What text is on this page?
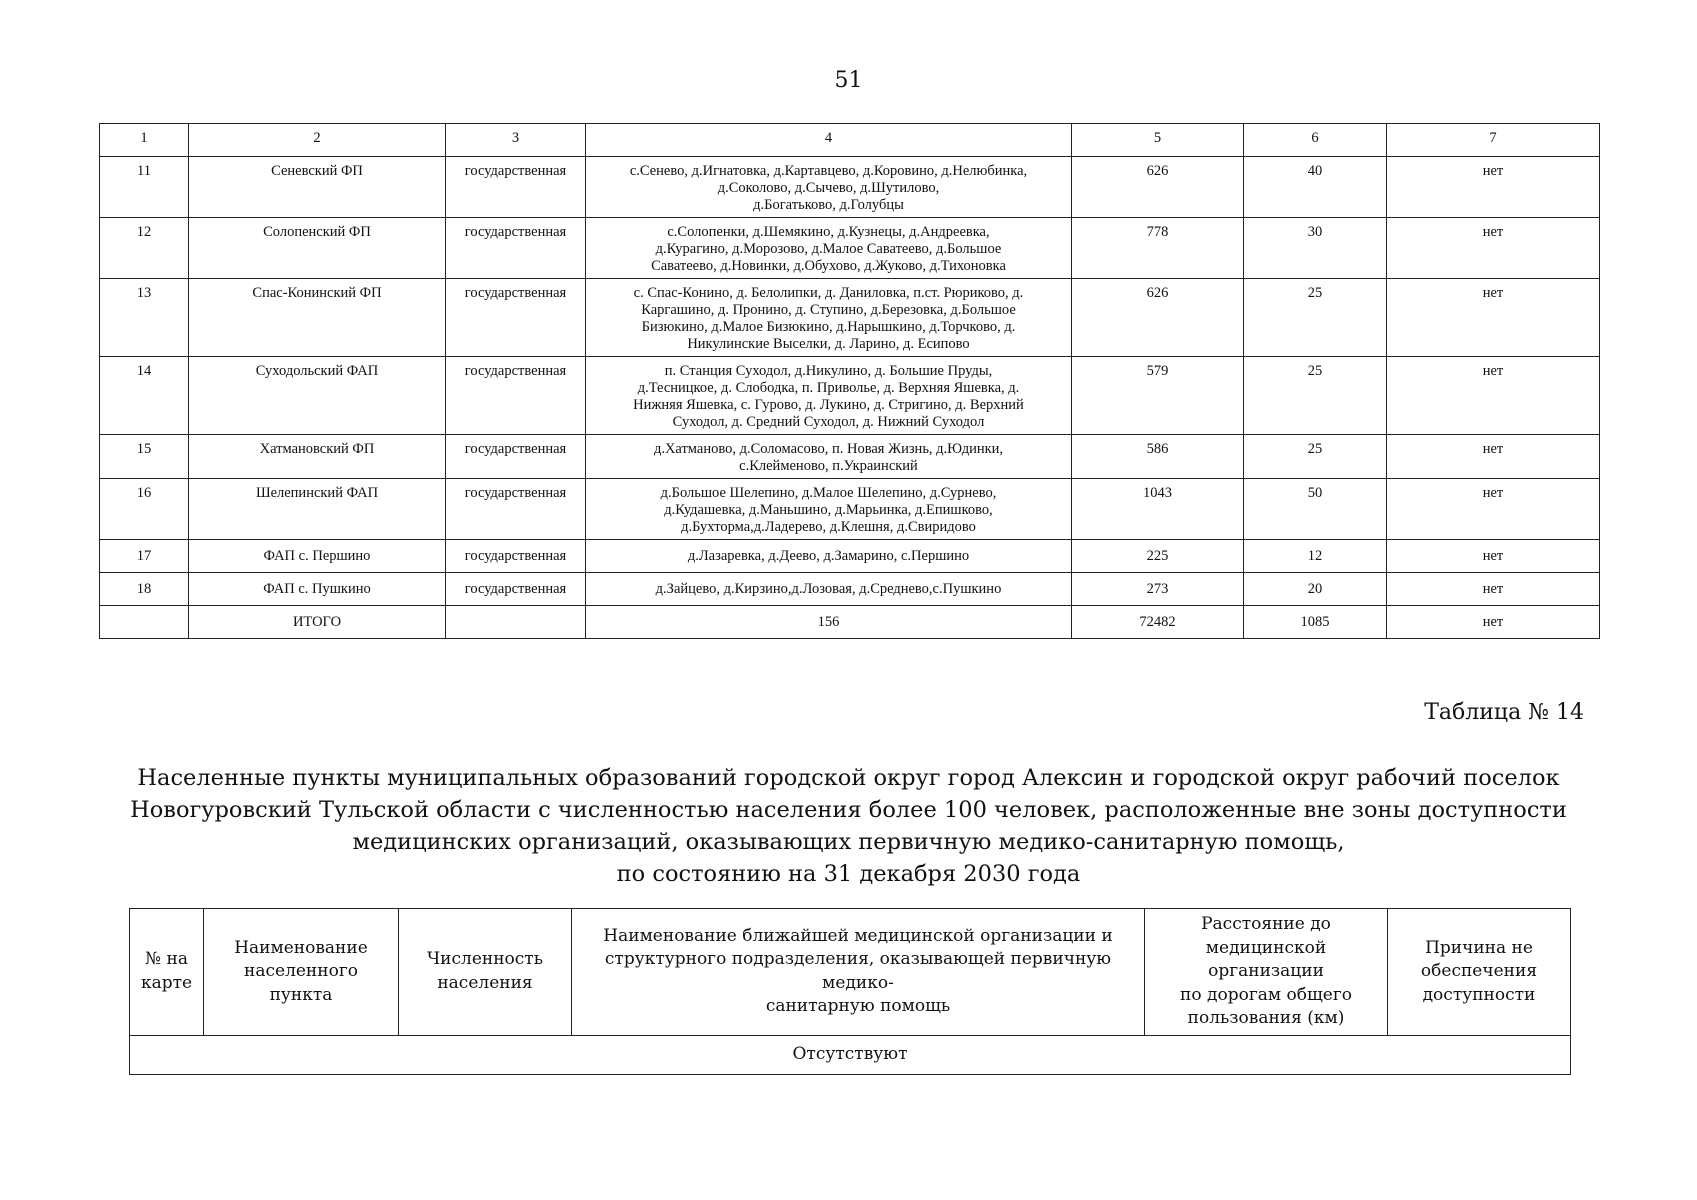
51
1	2	3	4	5	6	7
11	Сеневский ФП	государственная	с.Сенево, д.Игнатовка, д.Картавцево, д.Коровино, д.Нелюбинка,
д.Соколово, д.Сычево, д.Шутилово,
д.Богатьково, д.Голубцы	626	40	нет
12	Солопенский ФП	государственная	с.Солопенки, д.Шемякино, д.Кузнецы, д.Андреевка,
д.Курагино, д.Морозово, д.Малое Саватеево, д.Большое
Саватеево, д.Новинки, д.Обухово, д.Жуково, д.Тихоновка	778	30	нет
13	Спас-Конинский ФП	государственная	с. Спас-Конино, д. Белолипки, д. Даниловка, п.ст. Рюриково, д.
Каргашино, д. Пронино, д. Ступино, д.Березовка, д.Большое
Бизюкино, д.Малое Бизюкино, д.Нарышкино, д.Торчково, д.
Никулинские Выселки, д. Ларино, д. Есипово	626	25	нет
14	Суходольский ФАП	государственная	п. Станция Суходол, д.Никулино, д. Большие Пруды,
д.Тесницкое, д. Слободка, п. Приволье, д. Верхняя Яшевка, д.
Нижняя Яшевка, с. Гурово, д. Лукино, д. Стригино, д. Верхний
Суходол, д. Средний Суходол, д. Нижний Суходол	579	25	нет
15	Хатмановский ФП	государственная	д.Хатманово, д.Соломасово, п. Новая Жизнь, д.Юдинки,
с.Клейменово, п.Украинский	586	25	нет
16	Шелепинский ФАП	государственная	д.Большое Шелепино, д.Малое Шелепино, д.Сурнево,
д.Кудашевка, д.Маньшино, д.Марьинка, д.Епишково,
д.Бухторма,д.Ладерево, д.Клешня, д.Свиридово	1043	50	нет
17	ФАП с. Першино	государственная	д.Лазаревка, д.Деево, д.Замарино, с.Першино	225	12	нет
18	ФАП с. Пушкино	государственная	д.Зайцево, д.Кирзино,д.Лозовая, д.Среднево,с.Пушкино	273	20	нет
	ИТОГО		156	72482	1085	нет
Таблица № 14
Населенные пункты муниципальных образований городской округ город Алексин и городской округ рабочий поселок
Новогуровский Тульской области с численностью населения более 100 человек, расположенные вне зоны доступности
медицинских организаций, оказывающих первичную медико-санитарную помощь,
по состоянию на 31 декабря 2030 года
№ на
карте

Наименование
населенного пункта

Численность
населения

Наименование ближайшей медицинской организации и
структурного подразделения, оказывающей первичную медико-
санитарную помощь

Расстояние до
медицинской организации
по дорогам общего
пользования (км)

Причина не
обеспечения
доступности

Отсутствуют
